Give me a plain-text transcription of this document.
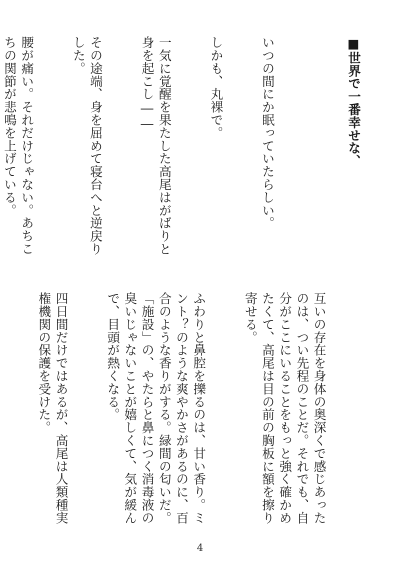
いつの間にか眠っていたらしい。

しかも、丸裸で。

一気に覚醒を果たした高尾はがばりと身を起こし――

その途端、身を屈めて寝台へと逆戻りした。

腰が痛い。それだけじゃない。あちこちの関節が悲鳴を上げている。

	■世界で一番幸せな、

互いの存在を身体の奥深くで感じあったのは、つい先程のことだ。それでも、自分がここにいることをもっと強く確かめたくて、高尾は目の前の胸板に額を擦り寄せる。

ふわりと鼻腔を擽るのは、甘い香り。ミント？のような爽やかさがあるのに、百合のような香りがする。緑間の匂いだ。「施設」の、やたらと鼻につく消毒液の臭いじゃないことが嬉しくて、気が緩んで、目頭が熱くなる。

四日間だけではあるが、高尾は人類種実権機関の保護を受けた。

4
